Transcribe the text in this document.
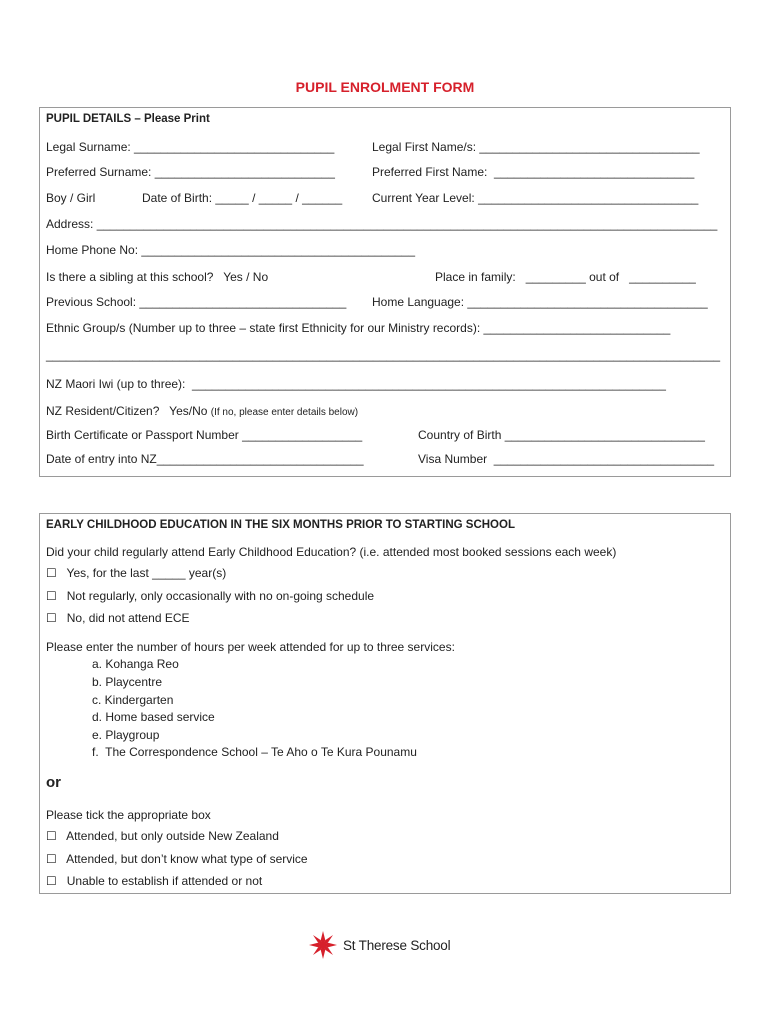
PUPIL ENROLMENT FORM
PUPIL DETAILS – Please Print
Legal Surname: ______________________________	Legal First Name/s: _________________________________
Preferred Surname: ___________________________	Preferred First Name:  ______________________________
Boy / Girl	Date of Birth: _____ / _____ / ______ Current Year Level: _________________________________
Address: _____________________________________________________________________________________________
Home Phone No: _________________________________________
Is there a sibling at this school?   Yes / No	Place in family:   _________ out of   __________
Previous School: _______________________________ Home Language: ____________________________________
Ethnic Group/s (Number up to three – state first Ethnicity for our Ministry records): ____________________________
_____________________________________________________________________________________________________
NZ Maori Iwi (up to three):  _______________________________________________________________________
NZ Resident/Citizen?   Yes/No (If no, please enter details below)
Birth Certificate or Passport Number __________________	Country of Birth ______________________________
Date of entry into NZ_______________________________	Visa Number  _________________________________
EARLY CHILDHOOD EDUCATION IN THE SIX MONTHS PRIOR TO STARTING SCHOOL
Did your child regularly attend Early Childhood Education? (i.e. attended most booked sessions each week)
☐   Yes, for the last _____ year(s)
☐   Not regularly, only occasionally with no on-going schedule
☐   No, did not attend ECE
Please enter the number of hours per week attended for up to three services:
a. Kohanga Reo
b. Playcentre
c. Kindergarten
d. Home based service
e. Playgroup
f.  The Correspondence School – Te Aho o Te Kura Pounamu
or
Please tick the appropriate box
☐   Attended, but only outside New Zealand
☐   Attended, but don’t know what type of service
☐   Unable to establish if attended or not
St Therese School
